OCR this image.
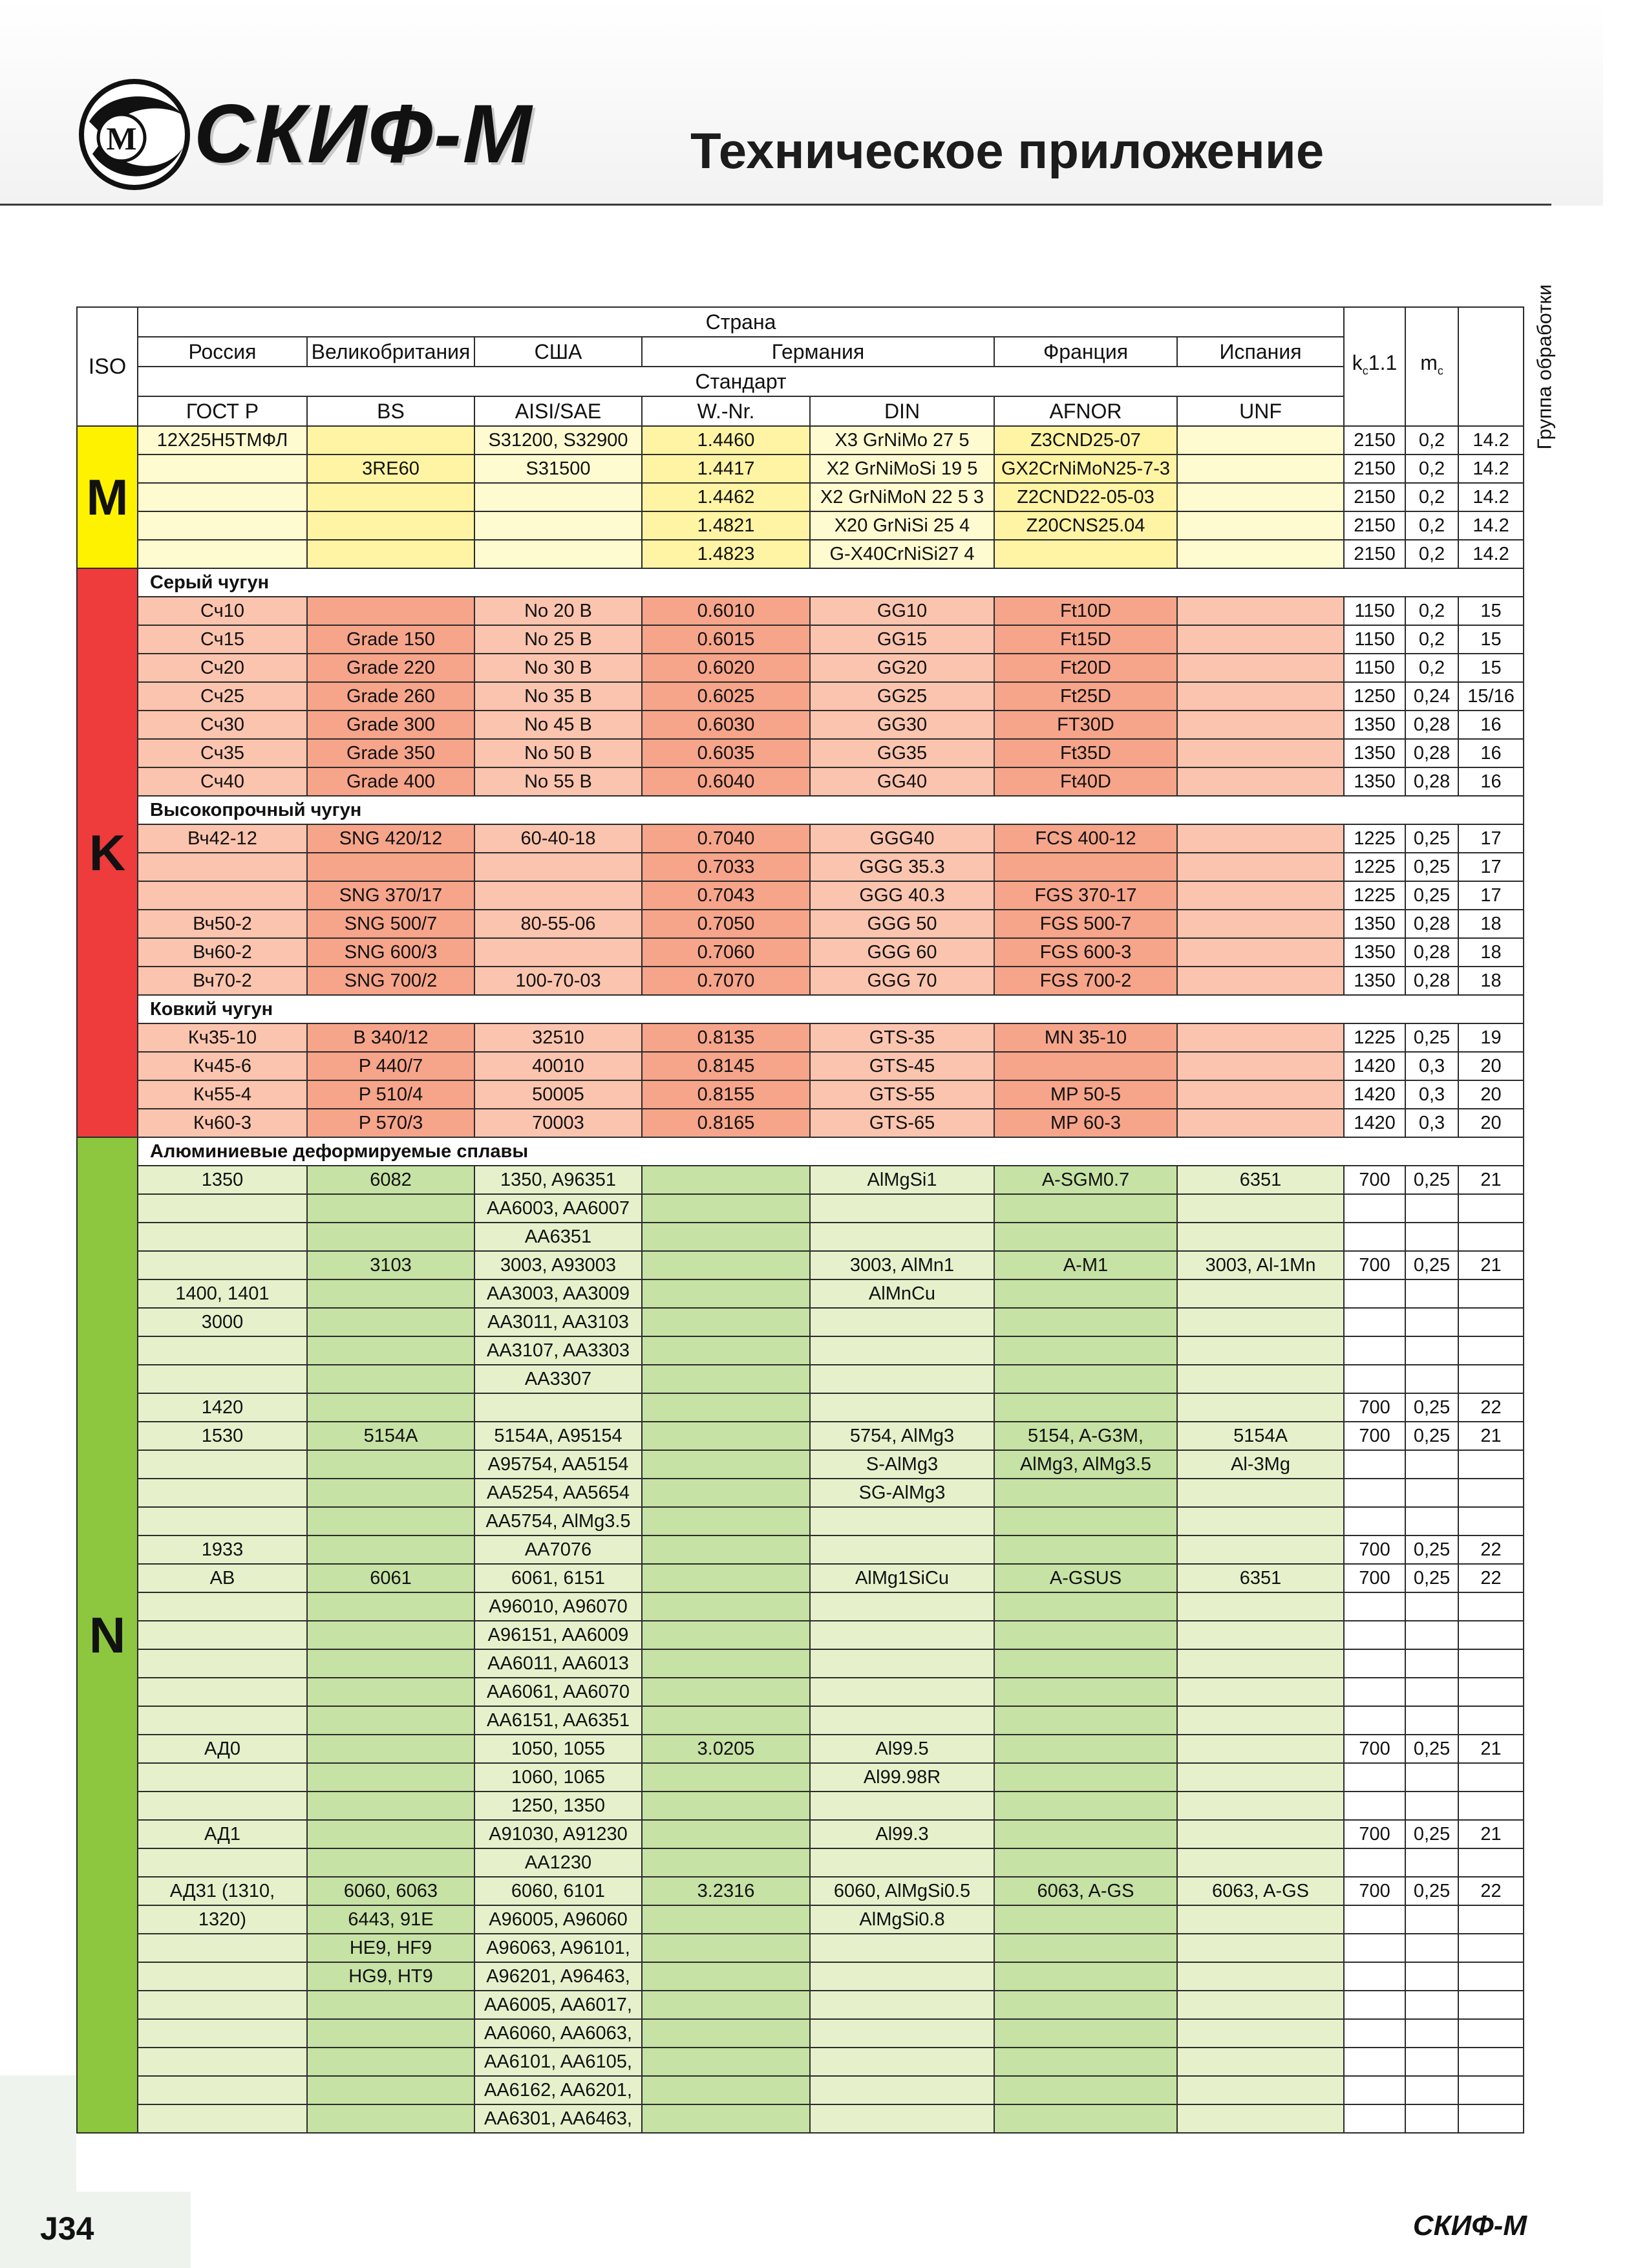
М СКИФ-М	Техническое приложение
ISO	Страна							$k_c1.1$	$m_c$	Группа обработки
	Россия	Великобритания	США	Германия		Франция	Испания			
	Стандарт									
	ГОСТ Р	BS	AISI/SAE	W.-Nr.	DIN	AFNOR	UNF			
M	12Х25Н5ТМФЛ		S31200, S32900	1.4460	X3 GrNiMo 27 5	Z3CND25-07		2150	0,2	14.2
		3RE60	S31500	1.4417	X2 GrNiMoSi 19 5	GX2CrNiMoN25-7-3		2150	0,2	14.2
				1.4462	X2 GrNiMoN 22 5 3	Z2CND22-05-03		2150	0,2	14.2
				1.4821	X20 GrNiSi 25 4	Z20CNS25.04		2150	0,2	14.2
				1.4823	G-X40CrNiSi27 4			2150	0,2	14.2
K	Серый чугун									
	Сч10		No 20 B	0.6010	GG10	Ft10D		1150	0,2	15
	Сч15	Grade 150	No 25 B	0.6015	GG15	Ft15D		1150	0,2	15
	Сч20	Grade 220	No 30 B	0.6020	GG20	Ft20D		1150	0,2	15
	Сч25	Grade 260	No 35 B	0.6025	GG25	Ft25D		1250	0,24	15/16
	Сч30	Grade 300	No 45 B	0.6030	GG30	FT30D		1350	0,28	16
	Сч35	Grade 350	No 50 B	0.6035	GG35	Ft35D		1350	0,28	16
	Сч40	Grade 400	No 55 B	0.6040	GG40	Ft40D		1350	0,28	16
	Высокопрочный чугун									
	Вч42-12	SNG 420/12	60-40-18	0.7040	GGG40	FCS 400-12		1225	0,25	17
				0.7033	GGG 35.3			1225	0,25	17
		SNG 370/17		0.7043	GGG 40.3	FGS 370-17		1225	0,25	17
	Вч50-2	SNG 500/7	80-55-06	0.7050	GGG 50	FGS 500-7		1350	0,28	18
	Вч60-2	SNG 600/3		0.7060	GGG 60	FGS 600-3		1350	0,28	18
	Вч70-2	SNG 700/2	100-70-03	0.7070	GGG 70	FGS 700-2		1350	0,28	18
	Ковкий чугун									
	Кч35-10	B 340/12	32510	0.8135	GTS-35	MN 35-10		1225	0,25	19
	Кч45-6	P 440/7	40010	0.8145	GTS-45			1420	0,3	20
	Кч55-4	P 510/4	50005	0.8155	GTS-55	MP 50-5		1420	0,3	20
	Кч60-3	P 570/3	70003	0.8165	GTS-65	MP 60-3		1420	0,3	20
N	Алюминиевые деформируемые сплавы									
	1350	6082	1350, A96351		AlMgSi1	A-SGM0.7	6351	700	0,25	21
			AA6003, AA6007							
			AA6351							
		3103	3003, A93003		3003, AlMn1	A-M1	3003, Al-1Mn	700	0,25	21
	1400, 1401		AA3003, AA3009		AlMnCu					
	3000		AA3011, AA3103							
			AA3107, AA3303							
			AA3307							
	1420							700	0,25	22
	1530	5154A	5154A, A95154		5754, AlMg3	5154, A-G3M,	5154A	700	0,25	21
			A95754, AA5154		S-AlMg3	AlMg3, AlMg3.5	Al-3Mg			
			AA5254, AA5654		SG-AlMg3					
			AA5754, AlMg3.5							
	1933		AA7076					700	0,25	22
	АВ	6061	6061, 6151		AlMg1SiCu	A-GSUS	6351	700	0,25	22
			A96010, A96070							
			A96151, AA6009							
			AA6011, AA6013							
			AA6061, AA6070							
			AA6151, AA6351							
	АД0		1050, 1055	3.0205	Al99.5			700	0,25	21
			1060, 1065		Al99.98R					
			1250, 1350							
	АД1		A91030, A91230		Al99.3			700	0,25	21
			AA1230							
	АД31 (1310,	6060, 6063	6060, 6101	3.2316	6060, AlMgSi0.5	6063, A-GS	6063, A-GS	700	0,25	22
	1320)	6443, 91E	A96005, A96060		AlMgSi0.8					
		HE9, HF9	A96063, A96101,							
		HG9, HT9	A96201, A96463,							
			AA6005, AA6017,							
			AA6060, AA6063,							
			AA6101, AA6105,							
			AA6162, AA6201,							
			AA6301, AA6463,							
J34	СКИФ-М
